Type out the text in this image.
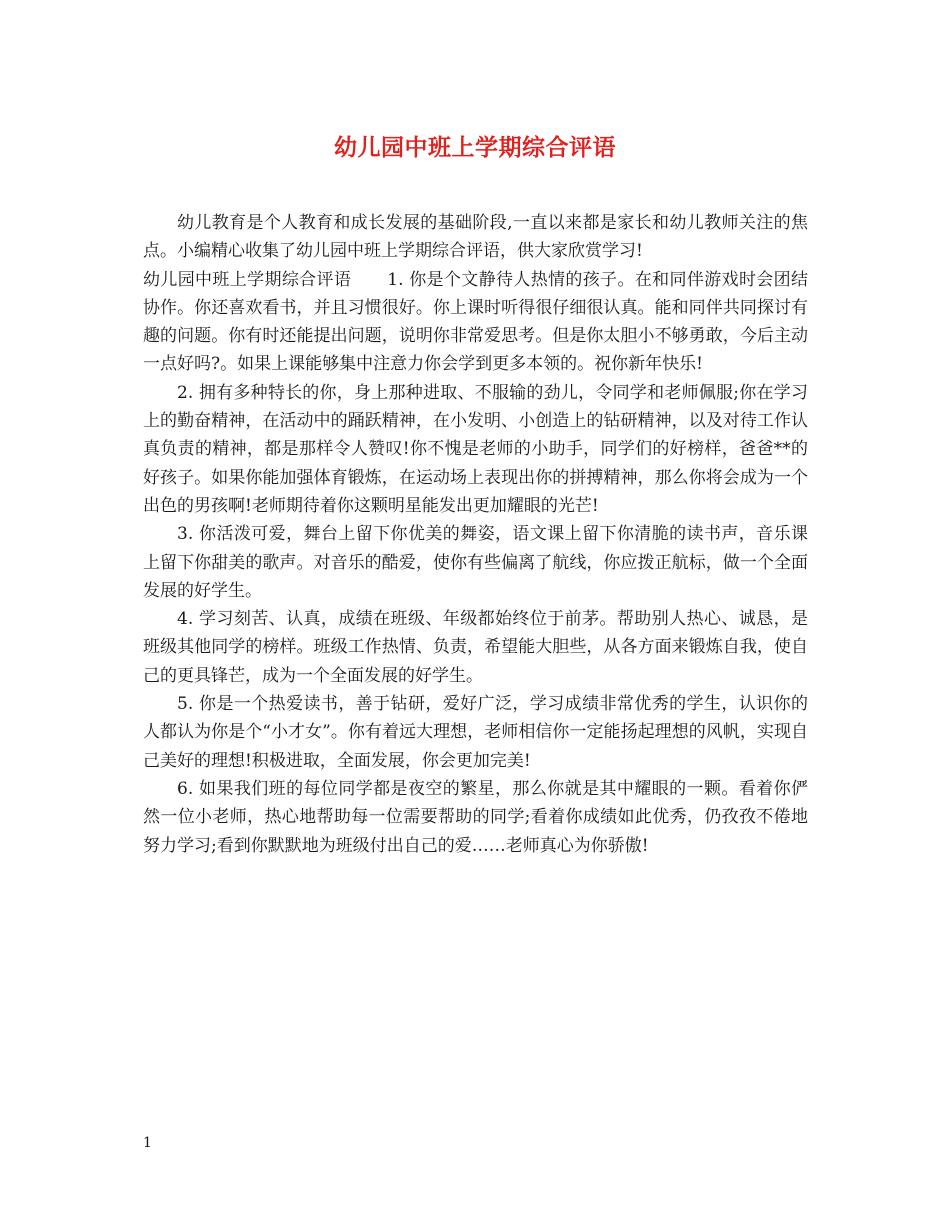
幼儿园中班上学期综合评语

幼儿教育是个人教育和成长发展的基础阶段,一直以来都是家长和幼儿教师关注的焦点。小编精心收集了幼儿园中班上学期综合评语，供大家欣赏学习!

幼儿园中班上学期综合评语 1. 你是个文静待人热情的孩子。在和同伴游戏时会团结协作。你还喜欢看书，并且习惯很好。你上课时听得很仔细很认真。能和同伴共同探讨有趣的问题。你有时还能提出问题，说明你非常爱思考。但是你太胆小不够勇敢，今后主动一点好吗?。如果上课能够集中注意力你会学到更多本领的。祝你新年快乐!

2. 拥有多种特长的你，身上那种进取、不服输的劲儿，令同学和老师佩服;你在学习上的勤奋精神，在活动中的踊跃精神，在小发明、小创造上的钻研精神，以及对待工作认真负责的精神，都是那样令人赞叹!你不愧是老师的小助手，同学们的好榜样，爸爸**的好孩子。如果你能加强体育锻炼，在运动场上表现出你的拼搏精神，那么你将会成为一个出色的男孩啊!老师期待着你这颗明星能发出更加耀眼的光芒!

3. 你活泼可爱，舞台上留下你优美的舞姿，语文课上留下你清脆的读书声，音乐课上留下你甜美的歌声。对音乐的酷爱，使你有些偏离了航线，你应拨正航标，做一个全面发展的好学生。

4. 学习刻苦、认真，成绩在班级、年级都始终位于前茅。帮助别人热心、诚恳，是班级其他同学的榜样。班级工作热情、负责，希望能大胆些，从各方面来锻炼自我，使自己的更具锋芒，成为一个全面发展的好学生。

5. 你是一个热爱读书，善于钻研，爱好广泛，学习成绩非常优秀的学生，认识你的人都认为你是个“小才女”。你有着远大理想，老师相信你一定能扬起理想的风帆，实现自己美好的理想!积极进取，全面发展，你会更加完美!

6. 如果我们班的每位同学都是夜空的繁星，那么你就是其中耀眼的一颗。看着你俨然一位小老师，热心地帮助每一位需要帮助的同学;看着你成绩如此优秀，仍孜孜不倦地努力学习;看到你默默地为班级付出自己的爱……老师真心为你骄傲!

1
